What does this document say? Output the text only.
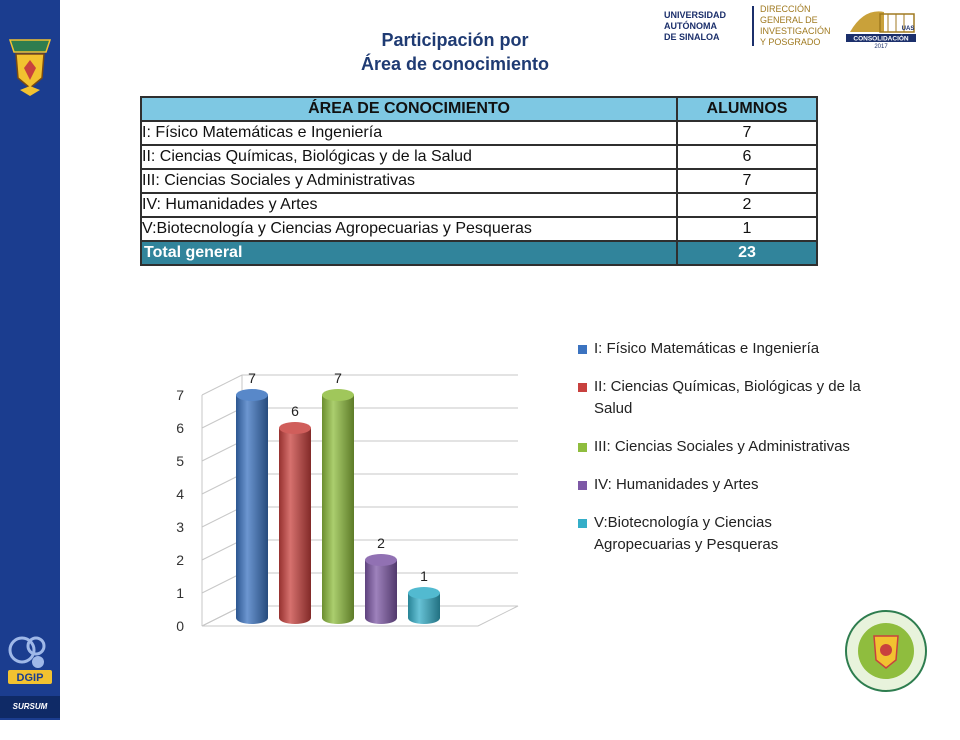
DGIP
SURSUM VERSUS
Participación por
Área de conocimiento
UNIVERSIDAD
AUTÓNOMA
DE SINALOA
DIRECCIÓN
GENERAL DE
INVESTIGACIÓN
Y POSGRADO
UAS
CONSOLIDACIÓN
2017
ÁREA DE CONOCIMIENTO	ALUMNOS
I: Físico Matemáticas e Ingeniería	7
II: Ciencias Químicas, Biológicas y de la Salud	6
III: Ciencias Sociales y Administrativas	7
IV: Humanidades y Artes	2
V:Biotecnología y Ciencias Agropecuarias y Pesqueras	1
Total general	23
0
1
2
3
4
5
6
7
7
6
7
2
1
I: Físico Matemáticas e Ingeniería
II: Ciencias Químicas, Biológicas y de la Salud
III: Ciencias Sociales y Administrativas
IV: Humanidades y Artes
V:Biotecnología y Ciencias Agropecuarias y Pesqueras
